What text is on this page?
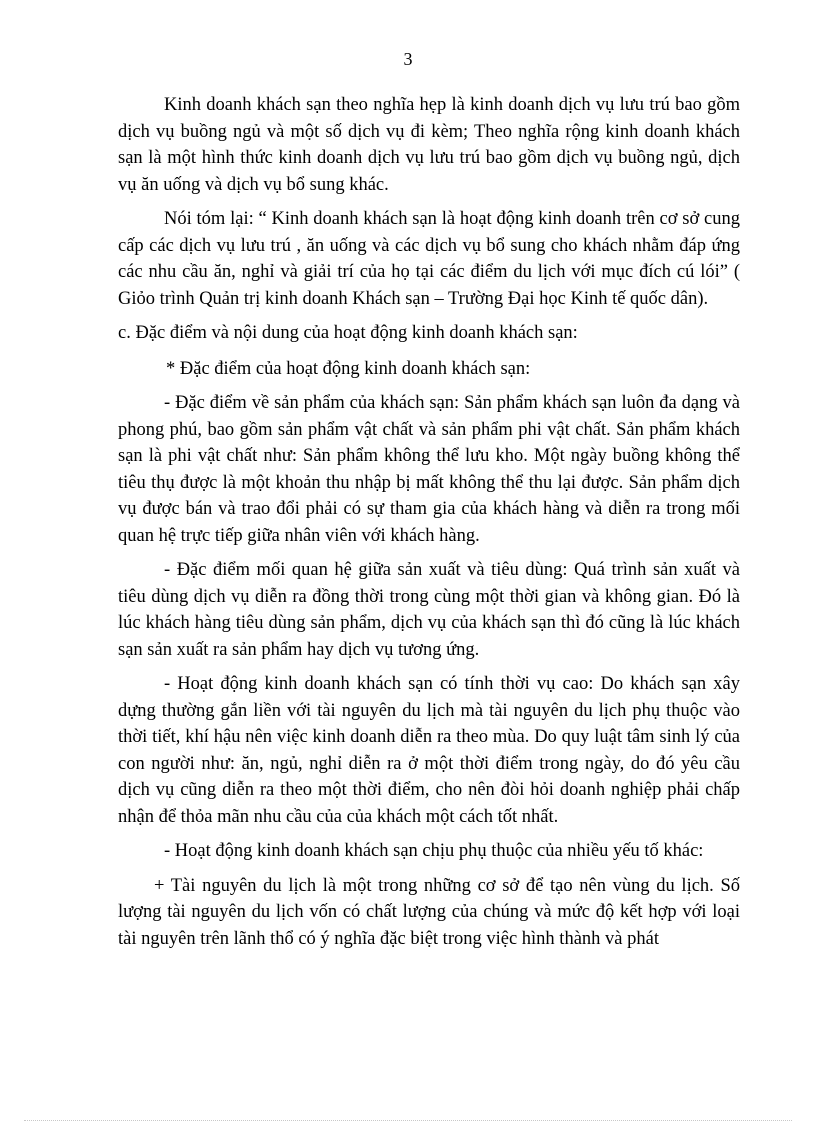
3

Kinh doanh khách sạn theo nghĩa hẹp là kinh doanh dịch vụ lưu trú bao gồm dịch vụ buồng ngủ và một số dịch vụ đi kèm; Theo nghĩa rộng kinh doanh khách sạn là một hình thức kinh doanh dịch vụ lưu trú bao gồm dịch vụ buồng ngủ, dịch vụ ăn uống và dịch vụ bổ sung khác.

Nói tóm lại: “ Kinh doanh khách sạn là hoạt động kinh doanh trên cơ sở cung cấp các dịch vụ lưu trú , ăn uống và các dịch vụ bổ sung cho khách nhằm đáp ứng các nhu cầu ăn, nghỉ và giải trí của họ tại các điểm du lịch với mục đích cú lói” ( Giỏo trình Quản trị kinh doanh Khách sạn – Trường Đại học Kinh tế quốc dân).

c. Đặc điểm và nội dung của hoạt động kinh doanh khách sạn:

* Đặc điểm của hoạt động kinh doanh khách sạn:

- Đặc điểm về sản phẩm của khách sạn: Sản phẩm khách sạn luôn đa dạng và phong phú, bao gồm sản phẩm vật chất và sản phẩm phi vật chất. Sản phẩm khách sạn là phi vật chất như: Sản phẩm không thể lưu kho. Một ngày buồng không thể tiêu thụ được là một khoản thu nhập bị mất không thể thu lại được. Sản phẩm dịch vụ được bán và trao đổi phải có sự tham gia của khách hàng và diễn ra trong mối quan hệ trực tiếp giữa nhân viên với khách hàng.

- Đặc điểm mối quan hệ giữa sản xuất và tiêu dùng: Quá trình sản xuất và tiêu dùng dịch vụ diễn ra đồng thời trong cùng một thời gian và không gian. Đó là lúc khách hàng tiêu dùng sản phẩm, dịch vụ của khách sạn thì đó cũng là lúc khách sạn sản xuất ra sản phẩm hay dịch vụ tương ứng.

- Hoạt động kinh doanh khách sạn có tính thời vụ cao: Do khách sạn xây dựng thường gắn liền với tài nguyên du lịch mà tài nguyên du lịch phụ thuộc vào thời tiết, khí hậu nên việc kinh doanh diễn ra theo mùa. Do quy luật tâm sinh lý của con người như: ăn, ngủ, nghỉ diễn ra ở một thời điểm trong ngày, do đó yêu cầu dịch vụ cũng diễn ra theo một thời điểm, cho nên đòi hỏi doanh nghiệp phải chấp nhận để thỏa mãn nhu cầu của của khách một cách tốt nhất.

- Hoạt động kinh doanh khách sạn chịu phụ thuộc của nhiều yếu tố khác:

+ Tài nguyên du lịch là một trong những cơ sở để tạo nên vùng du lịch. Số lượng tài nguyên du lịch vốn có chất lượng của chúng và mức độ kết hợp với loại tài nguyên trên lãnh thổ có ý nghĩa đặc biệt trong việc hình thành và phát
